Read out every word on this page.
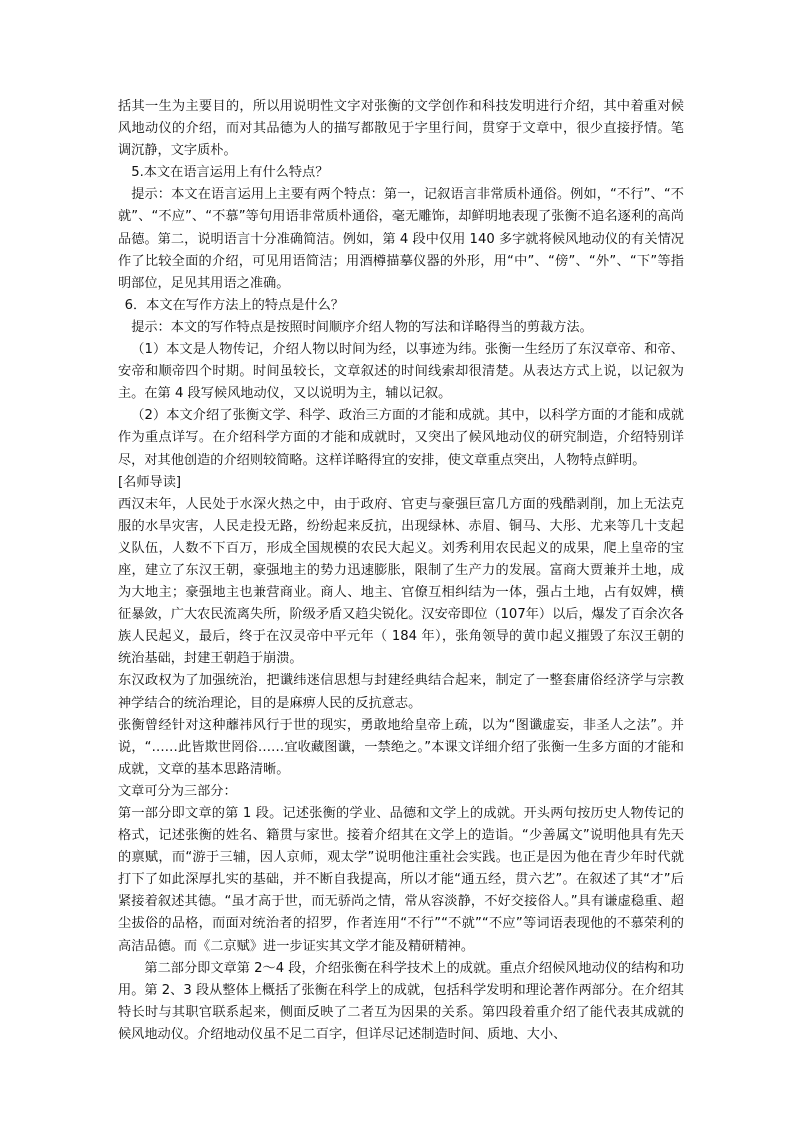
括其一生为主要目的，所以用说明性文字对张衡的文学创作和科技发明进行介绍，其中着重对候风地动仪的介绍，而对其品德为人的描写都散见于字里行间，贯穿于文章中，很少直接抒情。笔调沉静，文字质朴。

5.本文在语言运用上有什么特点？

提示：本文在语言运用上主要有两个特点：第一，记叙语言非常质朴通俗。例如，“不行”、“不就”、“不应”、“不慕”等句用语非常质朴通俗，毫无雕饰，却鲜明地表现了张衡不追名逐利的高尚品德。第二，说明语言十分准确简洁。例如，第 4 段中仅用 140 多字就将候风地动仪的有关情况作了比较全面的介绍，可见用语简洁；用酒樽描摹仪器的外形，用“中”、“傍”、“外”、“下”等指明部位，足见其用语之准确。

6．本文在写作方法上的特点是什么？

提示：本文的写作特点是按照时间顺序介绍人物的写法和详略得当的剪裁方法。

（1）本文是人物传记，介绍人物以时间为经，以事迹为纬。张衡一生经历了东汉章帝、和帝、安帝和顺帝四个时期。时间虽较长，文章叙述的时间线索却很清楚。从表达方式上说，以记叙为主。在第 4 段写候风地动仪，又以说明为主，辅以记叙。

（2）本文介绍了张衡文学、科学、政治三方面的才能和成就。其中，以科学方面的才能和成就作为重点详写。在介绍科学方面的才能和成就时，又突出了候风地动仪的研究制造，介绍特别详尽，对其他创造的介绍则较简略。这样详略得宜的安排，使文章重点突出，人物特点鲜明。

[名师导读]

西汉末年，人民处于水深火热之中，由于政府、官吏与豪强巨富几方面的残酷剥削，加上无法克服的水旱灾害，人民走投无路，纷纷起来反抗，出现绿林、赤眉、铜马、大彤、尤来等几十支起义队伍，人数不下百万，形成全国规模的农民大起义。刘秀利用农民起义的成果，爬上皇帝的宝座，建立了东汉王朝，豪强地主的势力迅速膨胀，限制了生产力的发展。富商大贾兼并土地，成为大地主；豪强地主也兼营商业。商人、地主、官僚互相纠结为一体，强占土地，占有奴婢，横征暴敛，广大农民流离失所，阶级矛盾又趋尖锐化。汉安帝即位（107年）以后，爆发了百余次各族人民起义，最后，终于在汉灵帝中平元年（ 184 年），张角领导的黄巾起义摧毁了东汉王朝的统治基础，封建王朝趋于崩溃。

东汉政权为了加强统治，把谶纬迷信思想与封建经典结合起来，制定了一整套庸俗经济学与宗教神学结合的统治理论，目的是麻痹人民的反抗意志。

张衡曾经针对这种蘼祎风行于世的现实，勇敢地给皇帝上疏，以为“图谶虚妄，非圣人之法”。并说，“……此皆欺世罔俗……宜收藏图谶，一禁绝之。”本课文详细介绍了张衡一生多方面的才能和成就，文章的基本思路清晰。

文章可分为三部分：

第一部分即文章的第 1 段。记述张衡的学业、品德和文学上的成就。开头两句按历史人物传记的格式，记述张衡的姓名、籍贯与家世。接着介绍其在文学上的造诣。“少善属文”说明他具有先天的禀赋，而“游于三辅，因人京师，观太学”说明他注重社会实践。也正是因为他在青少年时代就打下了如此深厚扎实的基础，并不断自我提高，所以才能“通五经，贯六艺”。在叙述了其“才”后紧接着叙述其德。“虽才高于世，而无骄尚之情，常从容淡静，不好交接俗人。”具有谦虚稳重、超尘拔俗的品格，而面对统治者的招罗，作者连用“不行”“不就”“不应”等词语表现他的不慕荣利的高洁品德。而《二京赋》进一步证实其文学才能及精研精神。

第二部分即文章第 2～4 段，介绍张衡在科学技术上的成就。重点介绍候风地动仪的结构和功用。第 2、3 段从整体上概括了张衡在科学上的成就，包括科学发明和理论著作两部分。在介绍其特长时与其职官联系起来，侧面反映了二者互为因果的关系。第四段着重介绍了能代表其成就的候风地动仪。介绍地动仪虽不足二百字，但详尽记述制造时间、质地、大小、
